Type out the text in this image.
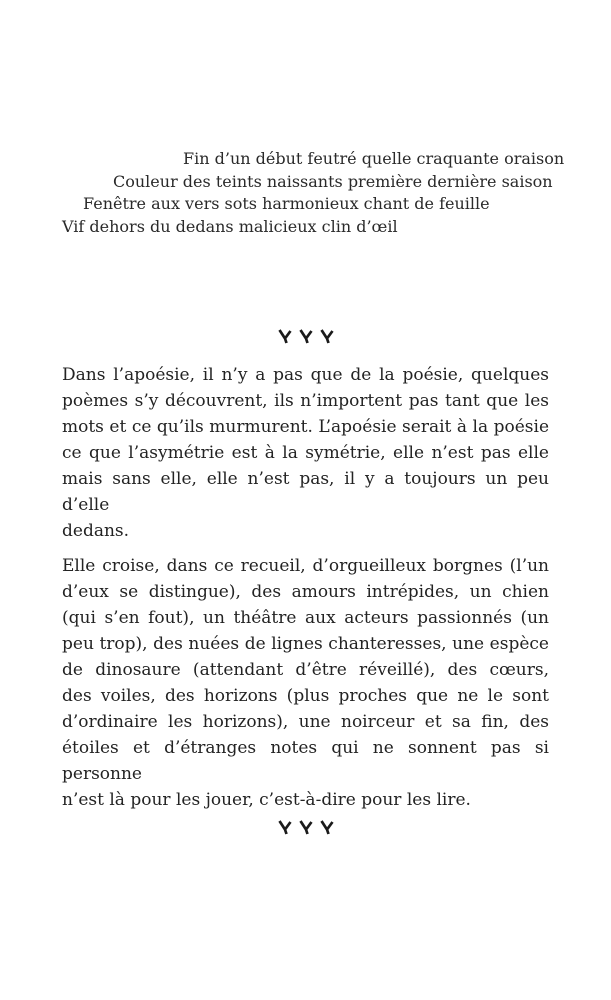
Fin d’un début feutré quelle craquante oraison
Couleur des teints naissants première dernière saison
Fenêtre aux vers sots harmonieux chant de feuille
Vif dehors du dedans malicieux clin d’œil
Dans l’apoésie, il n’y a pas que de la poésie, quelques
poèmes s’y découvrent, ils n’importent pas tant que les
mots et ce qu’ils murmurent. L’apoésie serait à la poésie
ce que l’asymétrie est à la symétrie, elle n’est pas elle
mais sans elle, elle n’est pas, il y a toujours un peu d’elle
dedans.
Elle croise, dans ce recueil, d’orgueilleux borgnes (l’un
d’eux se distingue), des amours intrépides, un chien
(qui s’en fout), un théâtre aux acteurs passionnés (un
peu trop), des nuées de lignes chanteresses, une espèce
de dinosaure (attendant d’être réveillé), des cœurs,
des voiles, des horizons (plus proches que ne le sont
d’ordinaire les horizons), une noirceur et sa fin, des
étoiles et d’étranges notes qui ne sonnent pas si personne
n’est là pour les jouer, c’est-à-dire pour les lire.
